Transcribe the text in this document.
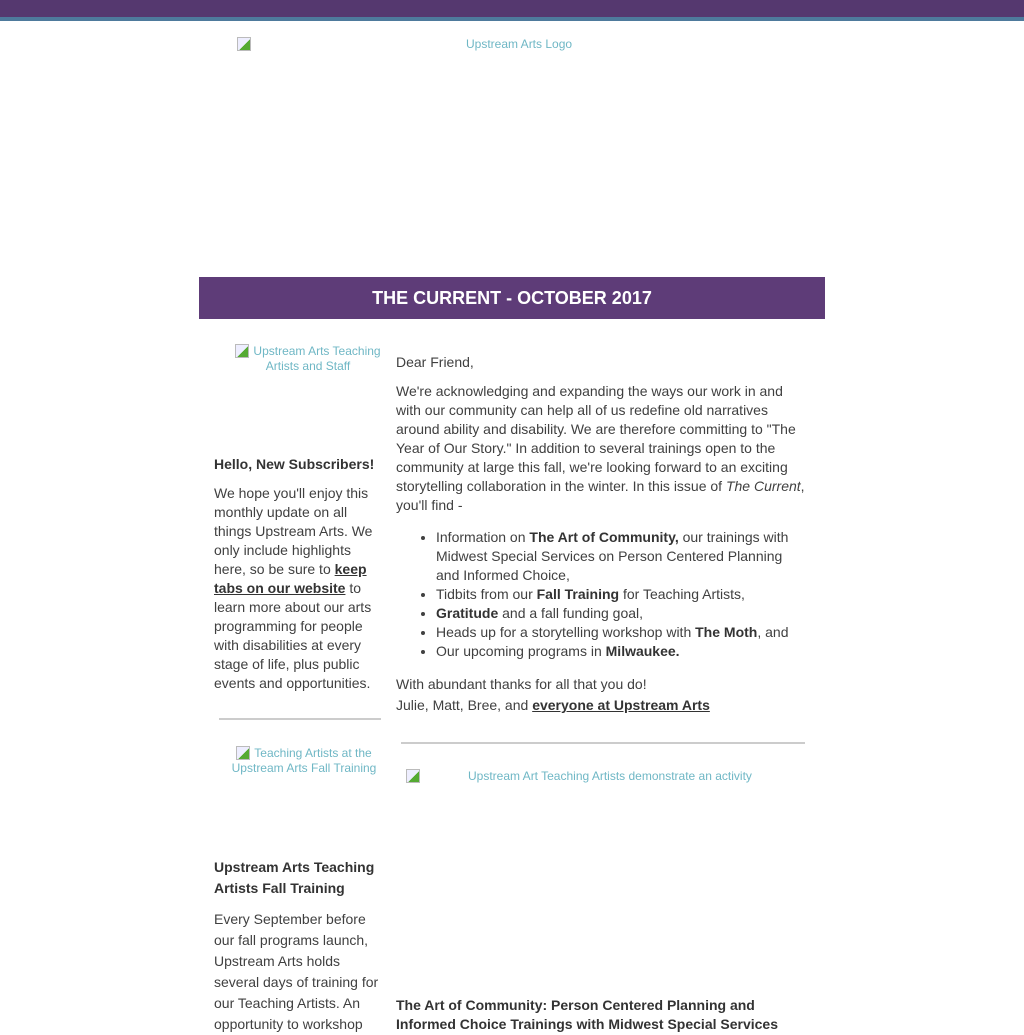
Upstream Arts Logo
THE CURRENT - OCTOBER 2017
Upstream Arts Teaching Artists and Staff

Hello, New Subscribers!

We hope you'll enjoy this monthly update on all things Upstream Arts. We only include highlights here, so be sure to keep tabs on our website to learn more about our arts programming for people with disabilities at every stage of life, plus public events and opportunities.

Teaching Artists at the Upstream Arts Fall Training

Upstream Arts Teaching Artists Fall Training

Every September before our fall programs launch, Upstream Arts holds several days of training for our Teaching Artists. An opportunity to workshop

Dear Friend,

We're acknowledging and expanding the ways our work in and with our community can help all of us redefine old narratives around ability and disability. We are therefore committing to "The Year of Our Story." In addition to several trainings open to the community at large this fall, we're looking forward to an exciting storytelling collaboration in the winter. In this issue of The Current, you'll find -

• Information on The Art of Community, our trainings with Midwest Special Services on Person Centered Planning and Informed Choice,
• Tidbits from our Fall Training for Teaching Artists,
• Gratitude and a fall funding goal,
• Heads up for a storytelling workshop with The Moth, and
• Our upcoming programs in Milwaukee.

With abundant thanks for all that you do!

Julie, Matt, Bree, and everyone at Upstream Arts

Upstream Art Teaching Artists demonstrate an activity

The Art of Community: Person Centered Planning and Informed Choice Trainings with Midwest Special Services
